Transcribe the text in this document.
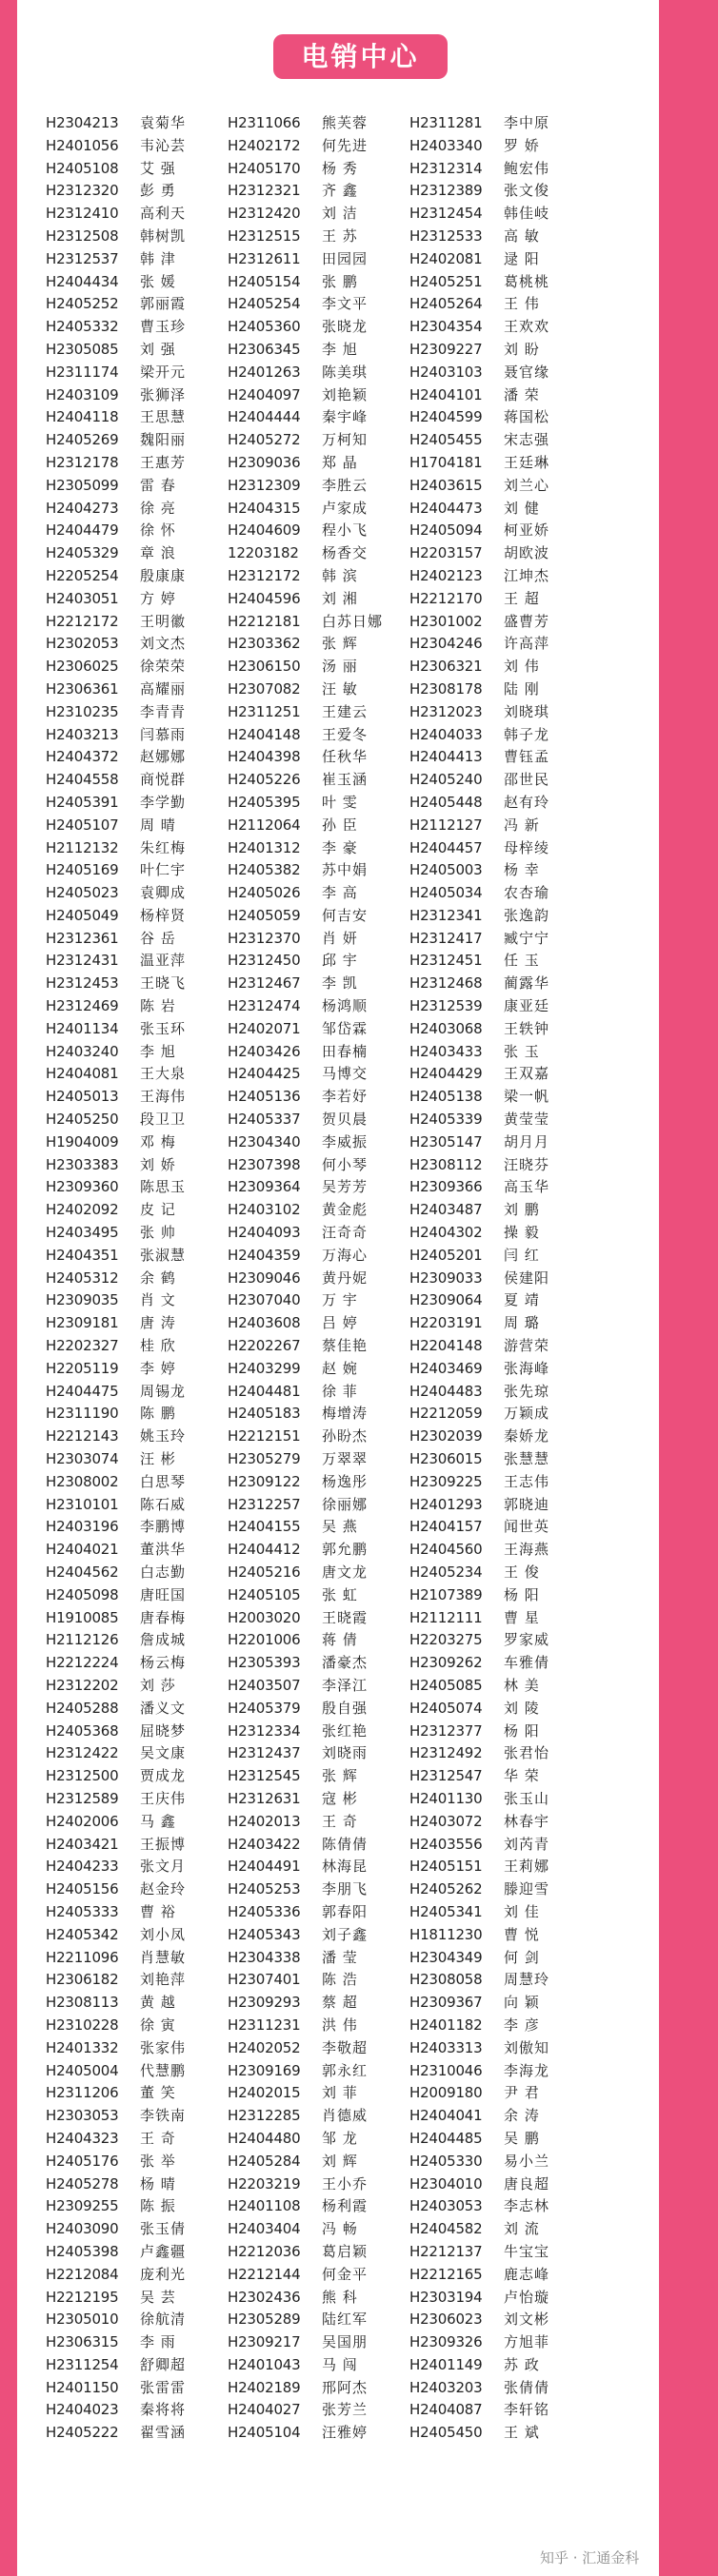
电销中心
H2304213	袁菊华	H2311066	熊芙蓉	H2311281	李中原
H2401056	韦沁芸	H2402172	何先进	H2403340	罗 娇
H2405108	艾 强	H2405170	杨 秀	H2312314	鲍宏伟
H2312320	彭 勇	H2312321	齐 鑫	H2312389	张文俊
H2312410	高利天	H2312420	刘 洁	H2312454	韩佳岐
H2312508	韩树凯	H2312515	王 苏	H2312533	高 敏
H2312537	韩 津	H2312611	田园园	H2402081	逯 阳
H2404434	张 媛	H2405154	张 鹏	H2405251	葛桃桃
H2405252	郭丽霞	H2405254	李文平	H2405264	王 伟
H2405332	曹玉珍	H2405360	张晓龙	H2304354	王欢欢
H2305085	刘 强	H2306345	李 旭	H2309227	刘 盼
H2311174	梁开元	H2401263	陈美琪	H2403103	聂官缘
H2403109	张狮泽	H2404097	刘艳颖	H2404101	潘 荣
H2404118	王思慧	H2404444	秦宇峰	H2404599	蒋国松
H2405269	魏阳丽	H2405272	万柯知	H2405455	宋志强
H2312178	王惠芳	H2309036	郑 晶	H1704181	王廷琳
H2305099	雷 春	H2312309	李胜云	H2403615	刘兰心
H2404273	徐 亮	H2404315	卢家成	H2404473	刘 健
H2404479	徐 怀	H2404609	程小飞	H2405094	柯亚娇
H2405329	章 浪	12203182	杨香交	H2203157	胡欧波
H2205254	殷康康	H2312172	韩 滨	H2402123	江坤杰
H2403051	方 婷	H2404596	刘 湘	H2212170	王 超
H2212172	王明徽	H2212181	白苏日娜	H2301002	盛曹芳
H2302053	刘文杰	H2303362	张 辉	H2304246	许高萍
H2306025	徐荣荣	H2306150	汤 丽	H2306321	刘 伟
H2306361	高耀丽	H2307082	汪 敏	H2308178	陆 刚
H2310235	李青青	H2311251	王建云	H2312023	刘晓琪
H2403213	闫慕雨	H2404148	王爱冬	H2404033	韩子龙
H2404372	赵娜娜	H2404398	任秋华	H2404413	曹钰孟
H2404558	商悦群	H2405226	崔玉涵	H2405240	邵世民
H2405391	李学勤	H2405395	叶 雯	H2405448	赵有玲
H2405107	周 晴	H2112064	孙 臣	H2112127	冯 新
H2112132	朱红梅	H2401312	李 豪	H2404457	母梓绫
H2405169	叶仁宇	H2405382	苏中娟	H2405003	杨 幸
H2405023	袁卿成	H2405026	李 高	H2405034	农杏瑜
H2405049	杨梓贤	H2405059	何吉安	H2312341	张逸韵
H2312361	谷 岳	H2312370	肖 妍	H2312417	臧宁宁
H2312431	温亚萍	H2312450	邱 宇	H2312451	任 玉
H2312453	王晓飞	H2312467	李 凯	H2312468	蔺露华
H2312469	陈 岩	H2312474	杨鸿顺	H2312539	康亚廷
H2401134	张玉环	H2402071	邹岱霖	H2403068	王轶钟
H2403240	李 旭	H2403426	田春楠	H2403433	张 玉
H2404081	王大泉	H2404425	马博交	H2404429	王双嘉
H2405013	王海伟	H2405136	李若妤	H2405138	梁一帆
H2405250	段卫卫	H2405337	贺贝晨	H2405339	黄莹莹
H1904009	邓 梅	H2304340	李威振	H2305147	胡月月
H2303383	刘 娇	H2307398	何小琴	H2308112	汪晓芬
H2309360	陈思玉	H2309364	吴芳芳	H2309366	高玉华
H2402092	皮 记	H2403102	黄金彪	H2403487	刘 鹏
H2403495	张 帅	H2404093	汪奇奇	H2404302	操 毅
H2404351	张淑慧	H2404359	万海心	H2405201	闫 红
H2405312	余 鹤	H2309046	黄丹妮	H2309033	侯建阳
H2309035	肖 文	H2307040	万 宇	H2309064	夏 靖
H2309181	唐 涛	H2403608	吕 婷	H2203191	周 璐
H2202327	桂 欣	H2202267	蔡佳艳	H2204148	游营荣
H2205119	李 婷	H2403299	赵 婉	H2403469	张海峰
H2404475	周锡龙	H2404481	徐 菲	H2404483	张先琼
H2311190	陈 鹏	H2405183	梅增涛	H2212059	万颖成
H2212143	姚玉玲	H2212151	孙盼杰	H2302039	秦娇龙
H2303074	汪 彬	H2305279	万翠翠	H2306015	张慧慧
H2308002	白思琴	H2309122	杨逸彤	H2309225	王志伟
H2310101	陈石威	H2312257	徐丽娜	H2401293	郭晓迪
H2403196	李鹏博	H2404155	吴 燕	H2404157	闻世英
H2404021	董洪华	H2404412	郭允鹏	H2404560	王海燕
H2404562	白志勤	H2405216	唐文龙	H2405234	王 俊
H2405098	唐旺国	H2405105	张 虹	H2107389	杨 阳
H1910085	唐春梅	H2003020	王晓霞	H2112111	曹 星
H2112126	詹成城	H2201006	蒋 倩	H2203275	罗家威
H2212224	杨云梅	H2305393	潘豪杰	H2309262	车雅倩
H2312202	刘 莎	H2403507	李泽江	H2405085	林 美
H2405288	潘义文	H2405379	殷自强	H2405074	刘 陵
H2405368	屈晓梦	H2312334	张红艳	H2312377	杨 阳
H2312422	吴文康	H2312437	刘晓雨	H2312492	张君怡
H2312500	贾成龙	H2312545	张 辉	H2312547	华 荣
H2312589	王庆伟	H2312631	寇 彬	H2401130	张玉山
H2402006	马 鑫	H2402013	王 奇	H2403072	林春宇
H2403421	王振博	H2403422	陈倩倩	H2403556	刘芮青
H2404233	张文月	H2404491	林海昆	H2405151	王莉娜
H2405156	赵金玲	H2405253	李朋飞	H2405262	滕迎雪
H2405333	曹 裕	H2405336	郭春阳	H2405341	刘 佳
H2405342	刘小凤	H2405343	刘子鑫	H1811230	曹 悦
H2211096	肖慧敏	H2304338	潘 莹	H2304349	何 剑
H2306182	刘艳萍	H2307401	陈 浩	H2308058	周慧玲
H2308113	黄 越	H2309293	蔡 超	H2309367	向 颖
H2310228	徐 寅	H2311231	洪 伟	H2401182	李 彦
H2401332	张家伟	H2402052	李敬超	H2403313	刘傲知
H2405004	代慧鹏	H2309169	郭永红	H2310046	李海龙
H2311206	董 笑	H2402015	刘 菲	H2009180	尹 君
H2303053	李铁南	H2312285	肖德威	H2404041	余 涛
H2404323	王 奇	H2404480	邹 龙	H2404485	吴 鹏
H2405176	张 举	H2405284	刘 辉	H2405330	易小兰
H2405278	杨 晴	H2203219	王小乔	H2304010	唐良超
H2309255	陈 振	H2401108	杨利霞	H2403053	李志林
H2403090	张玉倩	H2403404	冯 畅	H2404582	刘 流
H2405398	卢鑫疆	H2212036	葛启颖	H2212137	牛宝宝
H2212084	庞利光	H2212144	何金平	H2212165	鹿志峰
H2212195	吴 芸	H2302436	熊 科	H2303194	卢怡璇
H2305010	徐航清	H2305289	陆红军	H2306023	刘文彬
H2306315	李 雨	H2309217	吴国朋	H2309326	方旭菲
H2311254	舒卿超	H2401043	马 闯	H2401149	苏 政
H2401150	张雷雷	H2402189	邢阿杰	H2403203	张倩倩
H2404023	秦将将	H2404027	张芳兰	H2404087	李轩铭
H2405222	翟雪涵	H2405104	汪雅婷	H2405450	王 斌
知乎 · 汇通金科
